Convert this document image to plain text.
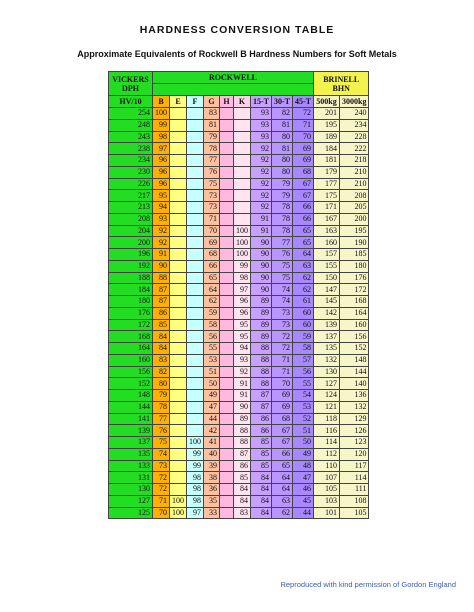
HARDNESS CONVERSION TABLE
Approximate Equivalents of Rockwell B Hardness Numbers for Soft Metals
VICKERS DPH	ROCKWELL									BRINELL BHN	

HV/10	B	E	F	G	H	K	15-T	30-T	45-T	500kg	3000kg
254	100			83			93	82	72	201	240
248	99			81			93	81	71	195	234
243	98			79			93	80	70	189	228
238	97			78			92	81	69	184	222
234	96			77			92	80	69	181	218
230	96			76			92	80	68	179	210
226	96			75			92	79	67	177	210
217	95			73			92	79	67	175	208
213	94			73			92	78	66	171	205
208	93			71			91	78	66	167	200
204	92			70		100	91	78	65	163	195
200	92			69		100	90	77	65	160	190
196	91			68		100	90	76	64	157	185
192	90			66		99	90	75	63	155	180
188	88			65		98	90	75	62	150	176
184	87			64		97	90	74	62	147	172
180	87			62		96	89	74	61	145	168
176	86			59		96	89	73	60	142	164
172	85			58		95	89	73	60	139	160
168	84			56		95	89	72	59	137	156
164	84			55		94	88	72	58	135	152
160	83			53		93	88	71	57	132	148
156	82			51		92	88	71	56	130	144
152	80			50		91	88	70	55	127	140
148	79			49		91	87	69	54	124	136
144	78			47		90	87	69	53	121	132
141	77			44		89	86	68	52	118	129
139	76			42		88	86	67	51	116	126
137	75		100	41		88	85	67	50	114	123
135	74		99	40		87	85	66	49	112	120
133	73		99	39		86	85	65	48	110	117
131	72		98	38		85	84	64	47	107	114
130	72		98	36		84	84	64	46	105	111
127	71	100	98	35		84	84	63	45	103	108
125	70	100	97	33		83	84	62	44	101	105
Reproduced with kind permission of Gordon England
